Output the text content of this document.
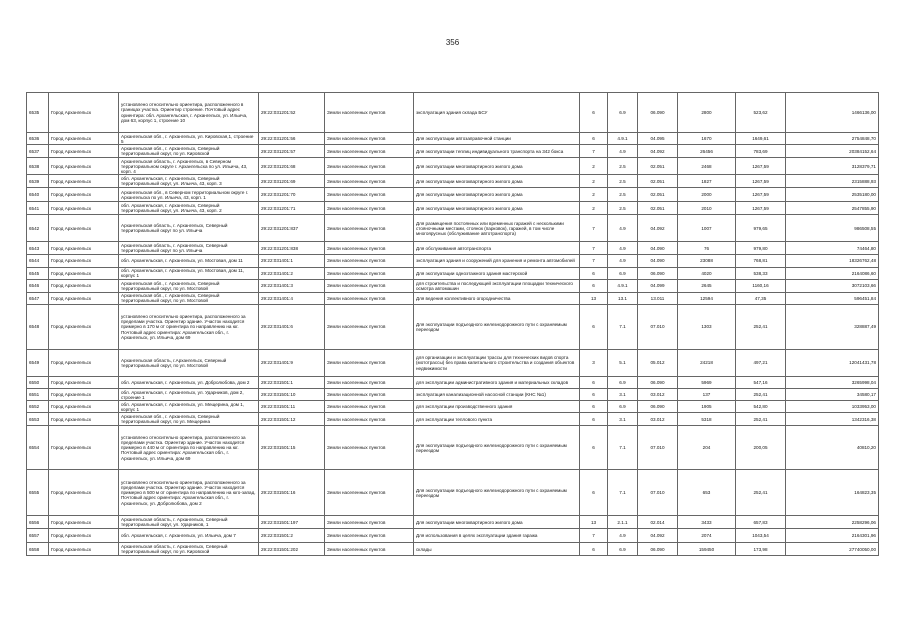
356
6535	Город Архангельск	установлено относительно ориентира, расположенного в границах участка. Ориентир строение. Почтовый адрес ориентира: обл. Архангельская, г. Архангельск, ул. Ильича, дом 63, корпус 1, строение 10	29:22:031201:52	Земли населенных пунктов	эксплуатация здания склада БСУ	6	6.9	06.090	2800	523,62	1466136,00
6536	Город Архангельск	Архангельская обл., г. Архангельск, ул. Кировская,1, строение 5	29:22:031201:56	Земли населенных пунктов	Для эксплуатации автозаправочной станции	6	4.9.1	04.095	1670	1649,61	2754848,70
6537	Город Архангельск	Архангельская обл., г. Архангельск, Северный территориальный округ, по ул. Кировской	29:22:031201:57	Земли населенных пунктов	Для эксплуатации теплиц индивидуального транспорта на 342 бокса	7	4.9	04.092	26456	783,69	20384152,64
6538	Город Архангельск	Архангельская область, г. Архангельск, в Северном территориальном округе г. Архангельска по ул. Ильича, 43, корп. 4	29:22:031201:68	Земли населенных пунктов	Для эксплуатации многоквартирного жилого дома	2	2.5	02.051	2468	1267,59	3128379,71
6539	Город Архангельск	обл. Архангельская, г. Архангельск, Северный территориальный округ, ул. Ильича, 43, корп. 3	29:22:031201:69	Земли населенных пунктов	Для эксплуатации многоквартирного жилого дома	2	2.5	02.051	1827	1267,59	2315888,93
6540	Город Архангельск	Архангельская обл., в Северном территориальном округе г. Архангельска по ул. Ильича, 43, корп. 1	29:22:031201:70	Земли населенных пунктов	Для эксплуатации многоквартирного жилого дома	2	2.5	02.051	2000	1267,59	2535180,00
6541	Город Архангельск	обл. Архангельская, г. Архангельск, Северный территориальный округ, ул. Ильича, 43, корп. 2	29:22:031201:71	Земли населенных пунктов	Для эксплуатации многоквартирного жилого дома	2	2.5	02.051	2010	1267,59	2547855,90
6542	Город Архангельск	Архангельская область, г. Архангельск, Северный территориальный округ по ул. Ильича	29:22:031201:837	Земли населенных пунктов	Для размещения постоянных или временных гаражей с несколькими стояночными местами, стоянок (парковок), гаражей, в том числе многоярусных (обслуживание автотранспорта)	7	4.9	04.092	1007	979,65	986508,55
6543	Город Архангельск	Архангельская область, г. Архангельск, Северный территориальный округ по ул. Ильича	29:22:031201:838	Земли населенных пунктов	Для обслуживания автотранспорта	7	4.9	04.090	76	979,80	74464,80
6544	Город Архангельск	обл. Архангельская, г. Архангельск, ул. Мостовая, дом 11	29:22:031401:1	Земли населенных пунктов	эксплуатация здания и сооружений для хранения и ремонта автомобилей	7	4.9	04.090	23088	768,81	18326762,48
6545	Город Архангельск	обл. Архангельская, г. Архангельск, ул. Мостовая, дом 11, корпус 1	29:22:031401:2	Земли населенных пунктов	Для эксплуатации одноэтажного здания мастерской	6	6.9	06.090	4020	538,33	2164086,60
6546	Город Архангельск	Архангельская обл., г. Архангельск, Северный территориальный округ, по ул. Мостовой	29:22:031401:3	Земли населенных пунктов	для строительства и последующей эксплуатации площадки технического осмотра автомашин	6	4.9.1	04.099	2645	1160,16	3072103,66
6547	Город Архангельск	Архангельская обл., г. Архангельск, Северный территориальный округ, по ул. Мостовой	29:22:031401:4	Земли населенных пунктов	Для ведения коллективного огородничества	13	13.1	13.011	12594	47,35	596451,84
6548	Город Архангельск	установлено относительно ориентира, расположенного за пределами участка. Ориентир здание. Участок находится примерно в 170 м от ориентира по направлению на юг. Почтовый адрес ориентира: Архангельская обл., г. Архангельск, ул. Ильича, дом 69	29:22:031401:6	Земли населенных пунктов	Для эксплуатации подъездного железнодорожного пути с охраняемым переездом	6	7.1	07.010	1303	252,41	328887,49
6549	Город Архангельск	Архангельская область, г.Архангельск, Северный территориальный округ, по ул. Мостовой	29:22:031401:9	Земли населенных пунктов	для организации и эксплуатации трассы для технических видов спорта (мототрассы) без права капитального строительства и создания объектов недвижимости	3	5.1	05.012	24218	497,21	12041431,78
6550	Город Архангельск	обл. Архангельская, г. Архангельск, ул. Добролюбова, дом 2	29:22:031501:1	Земли населенных пунктов	для эксплуатации административного здания и материальных складов	6	6.9	06.090	5969	547,16	3265998,04
6551	Город Архангельск	обл. Архангельская, г. Архангельск, ул. Ударников, дом 2, строение 1	29:22:031501:10	Земли населенных пунктов	эксплуатация канализационной насосной станции (КНС №1)	6	3.1	03.012	137	252,41	34580,17
6552	Город Архангельск	обл. Архангельская, г. Архангельск, ул. Мещерина, дом 1, корпус 1	29:22:031501:11	Земли населенных пунктов	для эксплуатации производственного здания	6	6.9	06.090	1905	542,80	1033953,00
6553	Город Архангельск	Архангельская обл., г. Архангельск, Северный территориальный округ, по ул. Мещерина	29:22:031501:12	Земли населенных пунктов	для эксплуатации теплового пункта	6	3.1	03.012	5318	252,41	1342316,38
6554	Город Архангельск	установлено относительно ориентира, расположенного за пределами участка. Ориентир здание. Участок находится примерно в 440 м от ориентира по направлению на юг. Почтовый адрес ориентира: Архангельская обл., г. Архангельск, ул. Ильича, дом 69	29:22:031501:15	Земли населенных пунктов	Для эксплуатации подъездного железнодорожного пути с охраняемым переездом	6	7.1	07.010	204	200,05	40810,20
6555	Город Архангельск	установлено относительно ориентира, расположенного за пределами участка. Ориентир здание. Участок находится примерно в 500 м от ориентира по направлению на юго-запад. Почтовый адрес ориентира: Архангельская обл., г. Архангельск, ул. Добролюбова, дом 2	29:22:031501:16	Земли населенных пунктов	Для эксплуатации подъездного железнодорожного пути с охраняемым переездом	6	7.1	07.010	653	252,41	164823,35
6556	Город Архангельск	Архангельская область, г. Архангельск, Северный территориальный округ, ул. Ударников, 1	29:22:031501:197	Земли населенных пунктов	Для эксплуатации многоквартирного жилого дома	13	2.1.1	02.014	3433	657,83	2258296,06
6557	Город Архангельск	обл. Архангельская, г. Архангельск, ул. Ильича, дом 7	29:22:031501:2	Земли населенных пунктов	Для использования в целях эксплуатации здания гаража	7	4.9	04.092	2074	1043,54	2164301,96
6558	Город Архангельск	Архангельская область, г. Архангельск, Северный территориальный округ, по ул. Кировской	29:22:031501:202	Земли населенных пунктов	склады	6	6.9	06.090	159450	173,98	27740050,00
